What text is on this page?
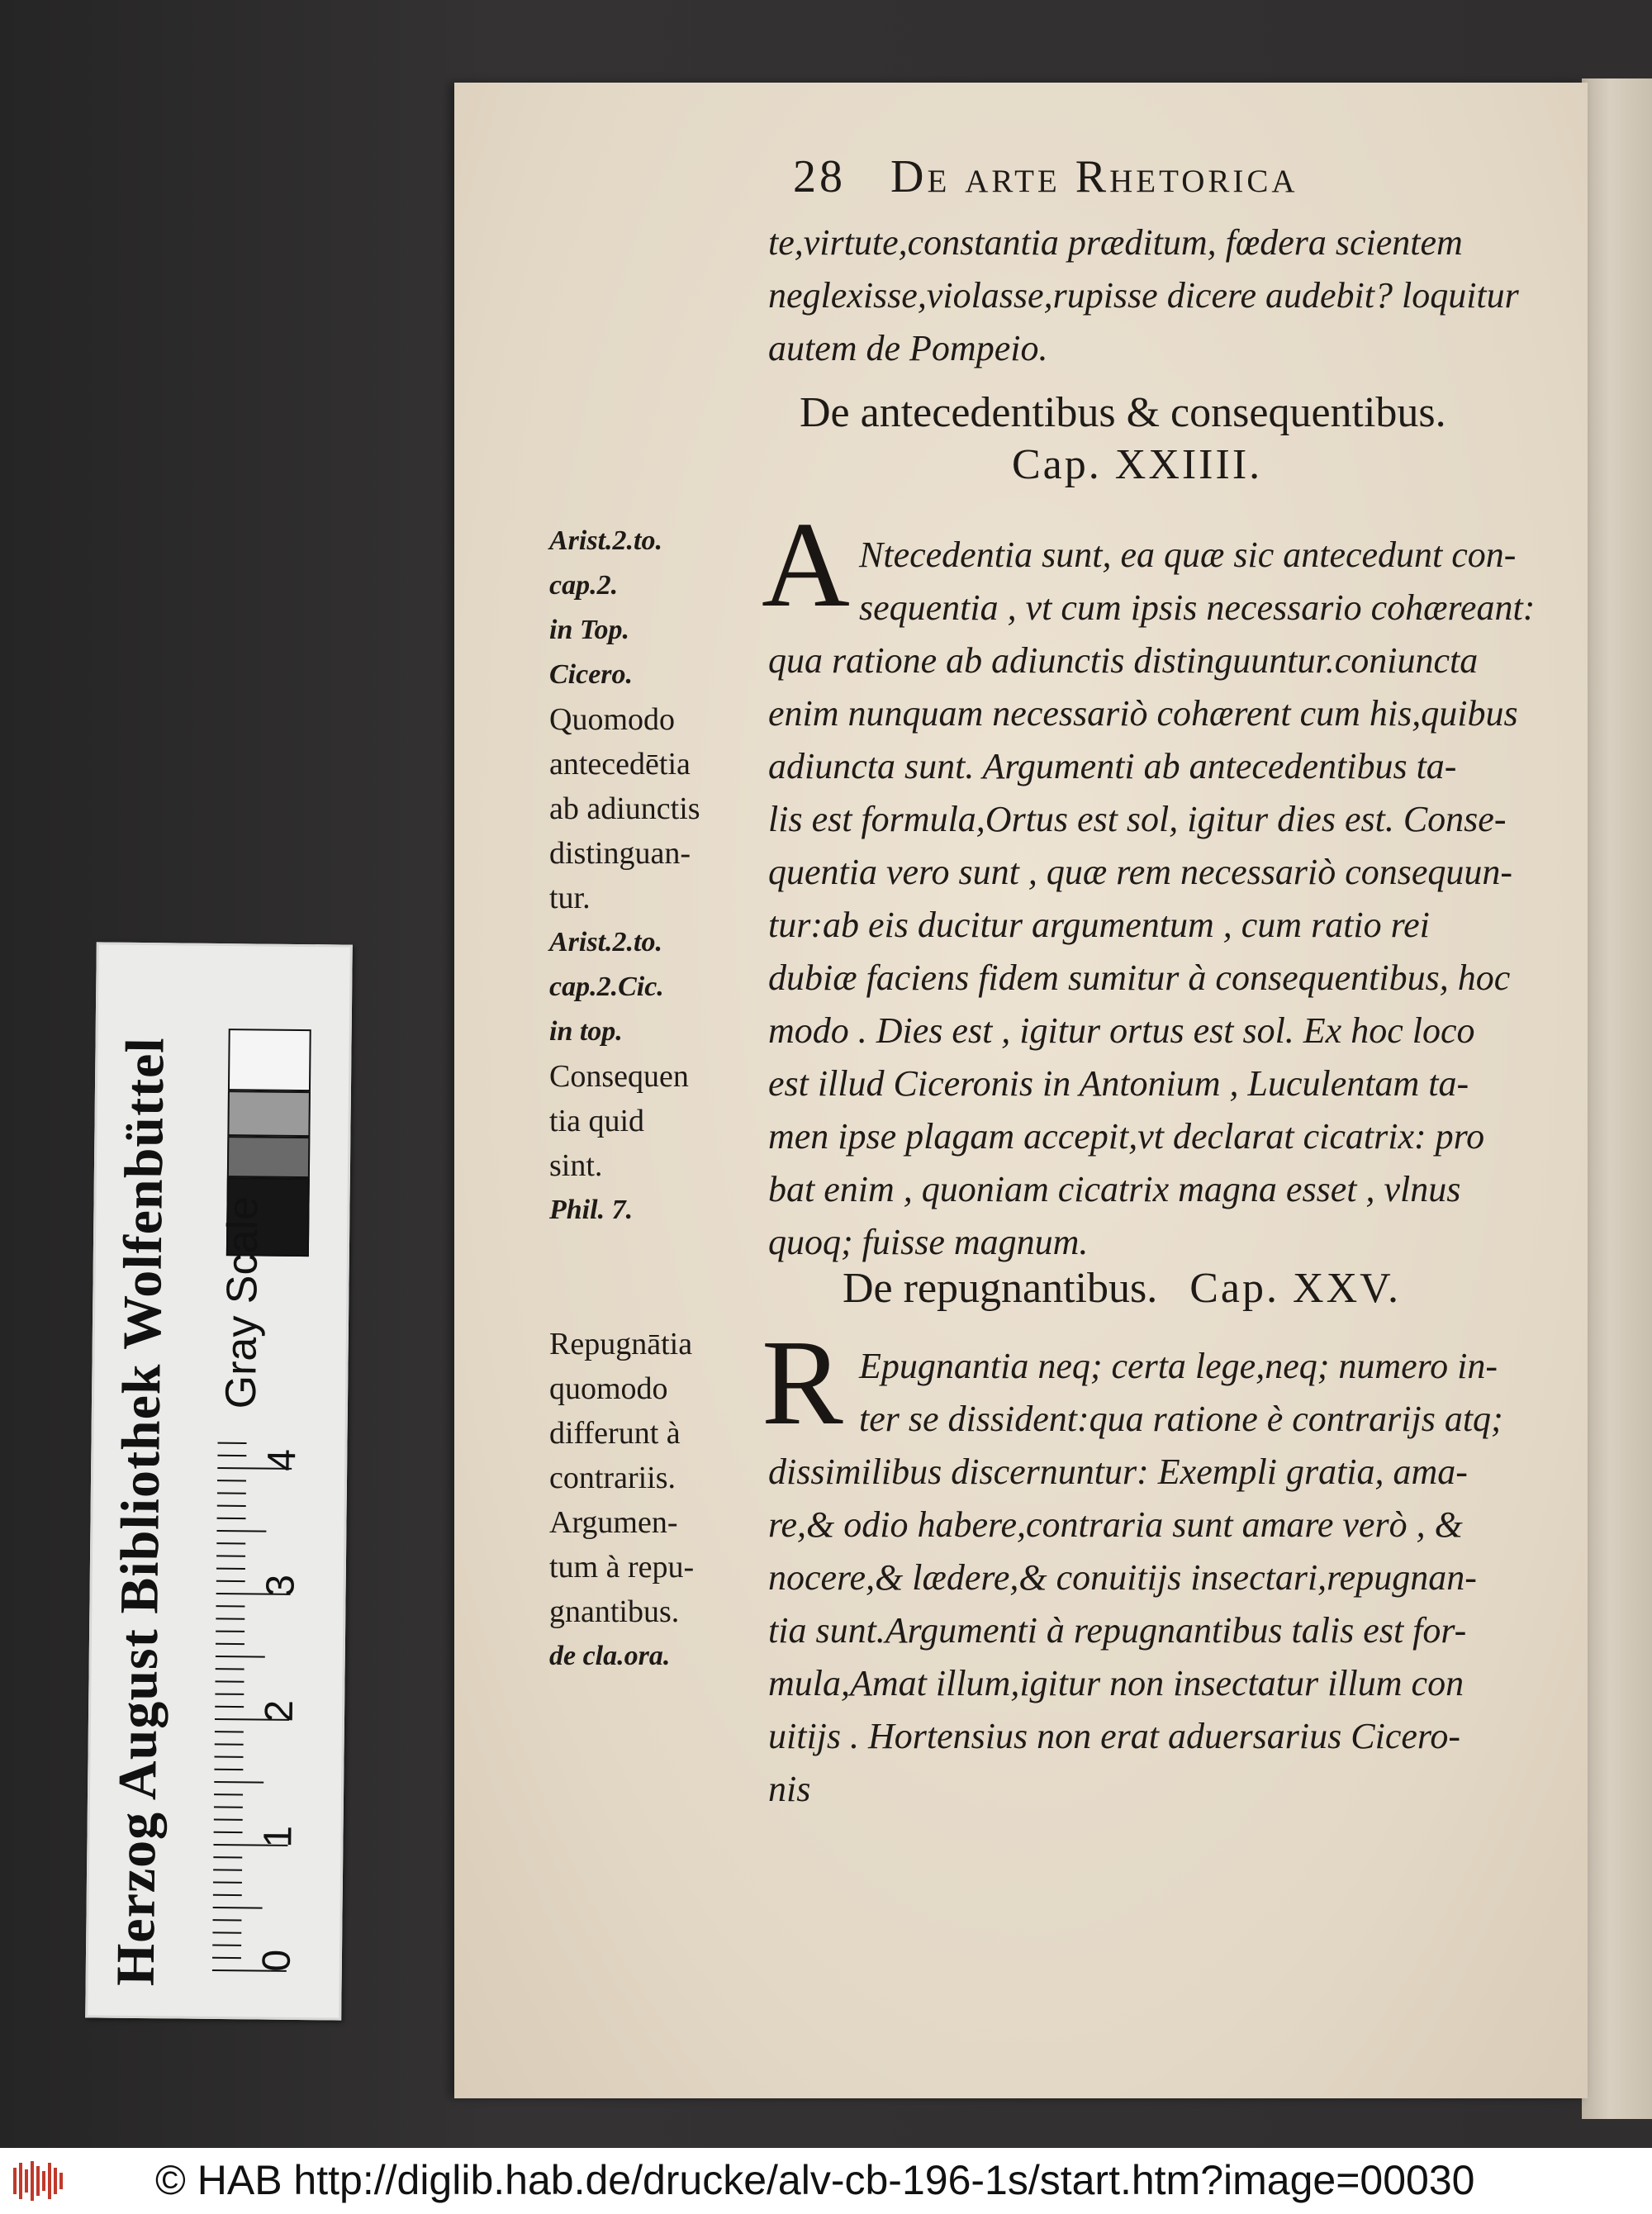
28 De arte Rhetorica
te,virtute,constantia præditum, fœdera scientem
neglexisse,violasse,rupisse dicere audebit? loquitur
autem de Pompeio.
De antecedentibus & consequentibus.
Cap. XXIIII.
A Ntecedentia sunt, ea quæ sic antecedunt con-
sequentia , vt cum ipsis necessario cohæreant:
qua ratione ab adiunctis distinguuntur.coniuncta
enim nunquam necessariò cohærent cum his,quibus
adiuncta sunt. Argumenti ab antecedentibus ta-
lis est formula,Ortus est sol, igitur dies est. Conse-
quentia vero sunt , quæ rem necessariò consequun-
tur:ab eis ducitur argumentum , cum ratio rei
dubiæ faciens fidem sumitur à consequentibus, hoc
modo . Dies est , igitur ortus est sol. Ex hoc loco
est illud Ciceronis in Antonium , Luculentam ta-
men ipse plagam accepit,vt declarat cicatrix: pro
bat enim , quoniam cicatrix magna esset , vlnus
quoq; fuisse magnum.
Arist.2.to.
cap.2.
in Top.
Cicero.
Quomodo
antecedētia
ab adiunctis
distinguan-
tur.
Arist.2.to.
cap.2.Cic.
in top.
Consequen
tia quid
sint.
Phil. 7.
De repugnantibus. Cap. XXV.
R Epugnantia neq; certa lege,neq; numero in-
ter se dissident:qua ratione è contrarijs atq;
dissimilibus discernuntur: Exempli gratia, ama-
re,& odio habere,contraria sunt amare verò , &
nocere,& lædere,& conuitijs insectari,repugnan-
tia sunt.Argumenti à repugnantibus talis est for-
mula,Amat illum,igitur non insectatur illum con
uitijs . Hortensius non erat aduersarius Cicero-
nis
Repugnātia
quomodo
differunt à
contrariis.
Argumen-
tum à repu-
gnantibus.
de cla.ora.
Herzog August Bibliothek Wolfenbüttel Gray Scale
0
1
2
3
4
© HAB http://diglib.hab.de/drucke/alv-cb-196-1s/start.htm?image=00030
